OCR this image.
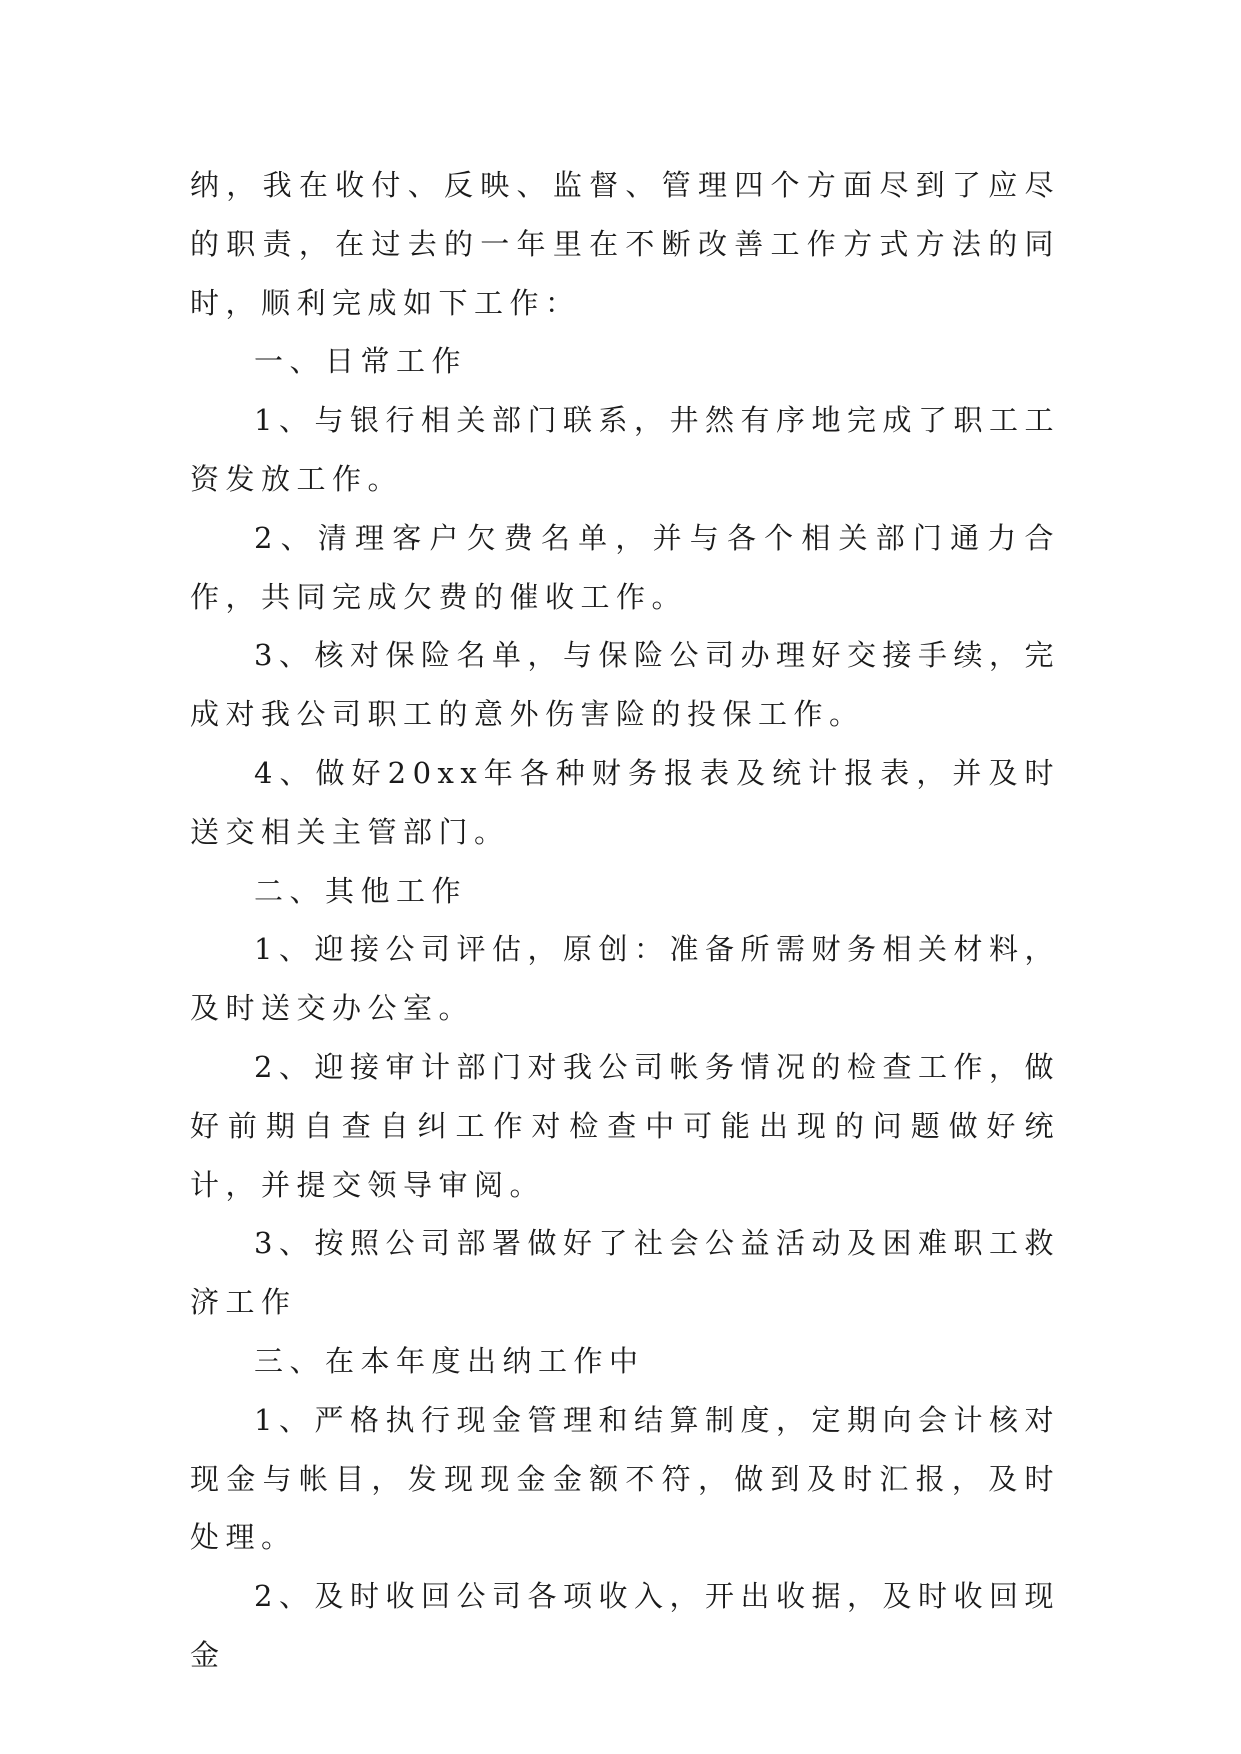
纳，我在收付、反映、监督、管理四个方面尽到了应尽的职责，在过去的一年里在不断改善工作方式方法的同时，顺利完成如下工作：

一、日常工作

1、与银行相关部门联系，井然有序地完成了职工工资发放工作。

2、清理客户欠费名单，并与各个相关部门通力合作，共同完成欠费的催收工作。

3、核对保险名单，与保险公司办理好交接手续，完成对我公司职工的意外伤害险的投保工作。

4、做好20xx年各种财务报表及统计报表，并及时送交相关主管部门。

二、其他工作

1、迎接公司评估，原创：准备所需财务相关材料，及时送交办公室。

2、迎接审计部门对我公司帐务情况的检查工作，做好前期自查自纠工作对检查中可能出现的问题做好统计，并提交领导审阅。

3、按照公司部署做好了社会公益活动及困难职工救济工作

三、在本年度出纳工作中

1、严格执行现金管理和结算制度，定期向会计核对现金与帐目，发现现金金额不符，做到及时汇报，及时处理。

2、及时收回公司各项收入，开出收据，及时收回现金
